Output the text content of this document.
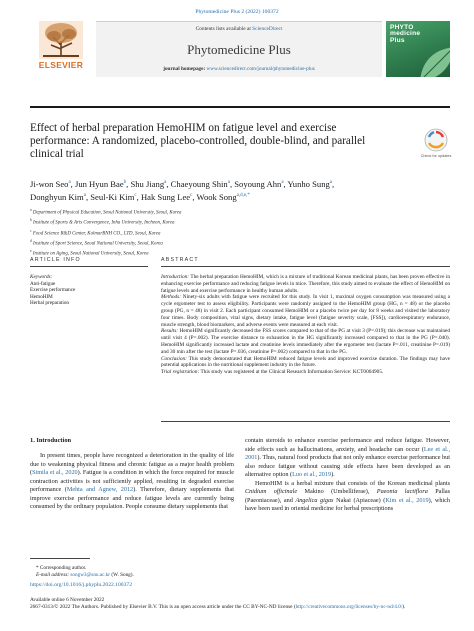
Phytomedicine Plus 2 (2022) 100372
ELSEVIER
Contents lists available at ScienceDirect
Phytomedicine Plus
journal homepage: www.sciencedirect.com/journal/phytomedicine-plus
PHYTO
medicine
Plus
Effect of herbal preparation HemoHIM on fatigue level and exercise
performance: A randomized, placebo-controlled, double-blind, and parallel
clinical trial	Check for updates
Ji-won Seo$^a$, Jun Hyun Bae$^b$, Shu Jiang$^a$, Chaeyoung Shin$^a$, Soyoung Ahn$^a$, Yunho Sung$^a$,
Donghyun Kim$^a$, Seul-Ki Kim$^c$, Hak Sung Lee$^c$, Wook Song$^{a,d,e,*}$
$^a$ Department of Physical Education, Seoul National University, Seoul, Korea
$^b$ Institute of Sports & Arts Convergence, Inha University, Incheon, Korea
$^c$ Food Science R&D Center, KolmarBNH CO., LTD, Seoul, Korea
$^d$ Institute of Sport Science, Seoul National University, Seoul, Korea
$^e$ Institute on Aging, Seoul National University, Seoul, Korea
ARTICLE INFO	ABSTRACT
Keywords:
Anti-fatigue
Exercise performance
HemoHIM
Herbal preparation
Introduction: The herbal preparation HemoHIM, which is a mixture of traditional Korean medicinal plants, has been proven effective in enhancing exercise performance and reducing fatigue levels in mice. Therefore, this study aimed to evaluate the effect of HemoHIM on fatigue levels and exercise performance in healthy human adults.
Methods: Ninety-six adults with fatigue were recruited for this study. In visit 1, maximal oxygen consumption was measured using a cycle ergometer test to assess eligibility. Participants were randomly assigned to the HemoHIM group (HG, n = 48) or the placebo group (PG, n = 48) in visit 2. Each participant consumed HemoHIM or a placebo twice per day for 8 weeks and visited the laboratory four times. Body composition, vital signs, dietary intake, fatigue level (fatigue severity scale, [FSS]), cardiorespiratory endurance, muscle strength, blood biomarkers, and adverse events were measured at each visit.
Results: HemoHIM significantly decreased the FSS scores compared to that of the PG at visit 3 (P=.019); this decrease was maintained until visit 4 (P=.002). The exercise distance to exhaustion in the HG significantly increased compared to that in the PG (P=.040). HemoHIM significantly increased lactate and creatinine levels immediately after the ergometer test (lactate P=.011, creatinine P=.019) and 30 min after the test (lactate P=.036, creatinine P=.002) compared to that in the PG.
Conclusion: This study demonstrated that HemoHIM reduced fatigue levels and improved exercise duration. The findings may have potential applications in the nutritional supplement industry in the future.
Trial registration: This study was registered at the Clinical Research Information Service: KCT0004905.
1. Introduction

In present times, people have recognized a deterioration in the quality of life due to weakening physical fitness and chronic fatigue as a major health problem (Simila et al., 2020). Fatigue is a condition in which the force required for muscle contraction activities is not sufficiently applied, resulting in degraded exercise performance (Mehta and Agnew, 2012). Therefore, dietary supplements that improve exercise performance and reduce fatigue levels are currently being consumed by the ordinary population. People consume dietary supplements that

contain steroids to enhance exercise performance and reduce fatigue. However, side effects such as hallucinations, anxiety, and headache can occur (Lee et al., 2001). Thus, natural food products that not only enhance exercise performance but also reduce fatigue without causing side effects have been developed as an alternative option (Luo et al., 2019).

HemoHIM is a herbal mixture that consists of the Korean medicinal plants Cnidium officinale Makino (Umbelliferae), Paeonia lactiflora Pallas (Paeoniaceae), and Angelica gigas Nakai (Apiaceae) (Kim et al., 2019), which have been used in oriental medicine for herbal prescriptions

* Corresponding author.
E-mail address: songw3@snu.ac.kr (W. Song).
https://doi.org/10.1016/j.phyplu.2022.100372
Available online 6 November 2022
2667-0313/© 2022 The Authors. Published by Elsevier B.V. This is an open access article under the CC BY-NC-ND license (http://creativecommons.org/licenses/by-nc-nd/4.0/).
